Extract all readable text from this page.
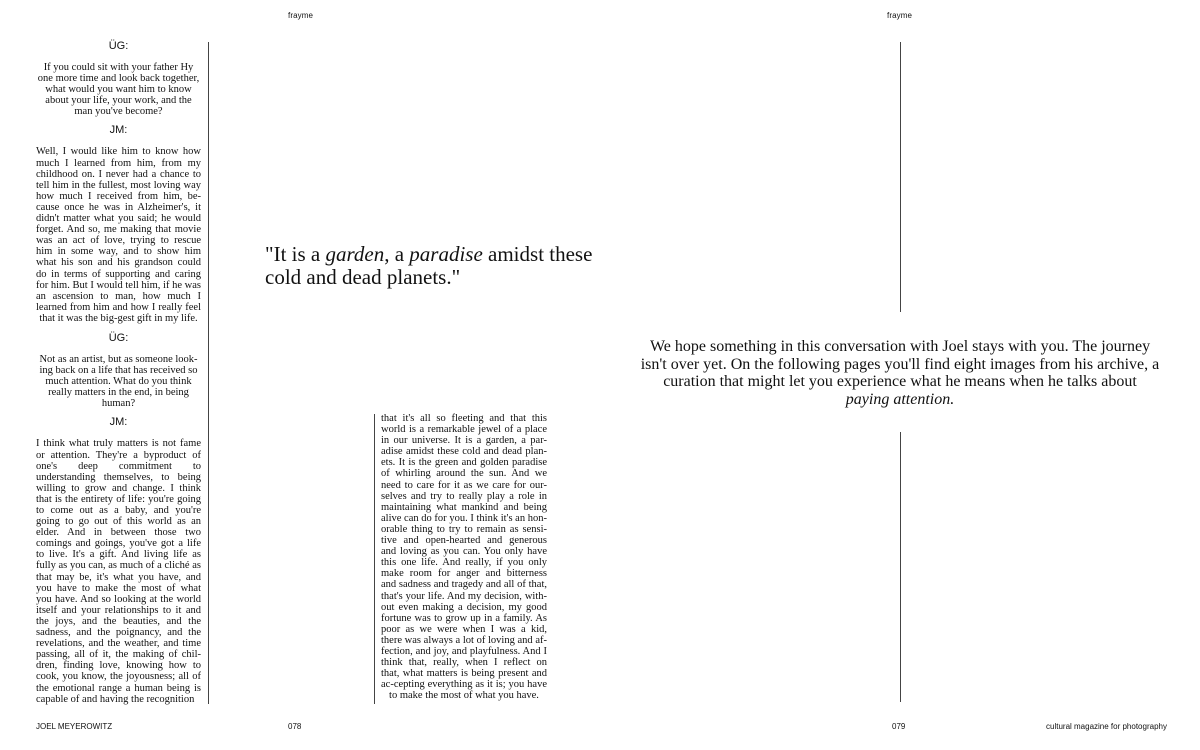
frayme

ÜG:

If you could sit with your father Hy one more time and look back together, what would you want him to know about your life, your work, and the man you've become?

JM:

Well, I would like him to know how much I learned from him, from my childhood on. I never had a chance to tell him in the fullest, most loving way how much I received from him, be-cause once he was in Alzheimer's, it didn't matter what you said; he would forget. And so, me making that movie was an act of love, trying to rescue him in some way, and to show him what his son and his grandson could do in terms of supporting and caring for him. But I would tell him, if he was an ascension to man, how much I learned from him and how I really feel that it was the big-gest gift in my life.

ÜG:

Not as an artist, but as someone look-ing back on a life that has received so much attention. What do you think really matters in the end, in being human?

JM:

I think what truly matters is not fame or attention. They're a byproduct of one's deep commitment to understanding themselves, to being willing to grow and change. I think that is the entirety of life: you're going to come out as a baby, and you're going to go out of this world as an elder. And in between those two comings and goings, you've got a life to live. It's a gift. And living life as fully as you can, as much of a cliché as that may be, it's what you have, and you have to make the most of what you have. And so looking at the world itself and your relationships to it and the joys, and the beauties, and the sadness, and the poignancy, and the revelations, and the weather, and time passing, all of it, the making of chil-dren, finding love, knowing how to cook, you know, the joyousness; all of the emotional range a human being is capable of and having the recognition

"It is a garden, a paradise amidst these cold and dead planets."

that it's all so fleeting and that this world is a remarkable jewel of a place in our universe. It is a garden, a par-adise amidst these cold and dead plan-ets. It is the green and golden paradise of whirling around the sun. And we need to care for it as we care for our-selves and try to really play a role in maintaining what mankind and being alive can do for you. I think it's an hon-orable thing to try to remain as sensi-tive and open-hearted and generous and loving as you can. You only have this one life. And really, if you only make room for anger and bitterness and sadness and tragedy and all of that, that's your life. And my decision, with-out even making a decision, my good fortune was to grow up in a family. As poor as we were when I was a kid, there was always a lot of loving and af-fection, and joy, and playfulness. And I think that, really, when I reflect on that, what matters is being present and ac-cepting everything as it is; you have to make the most of what you have.

JOEL MEYEROWITZ	078
frayme
We hope something in this conversation with Joel stays with you. The journey isn't over yet. On the following pages you'll find eight images from his archive, a curation that might let you experience what he means when he talks about
paying attention.
079	cultural magazine for photography
